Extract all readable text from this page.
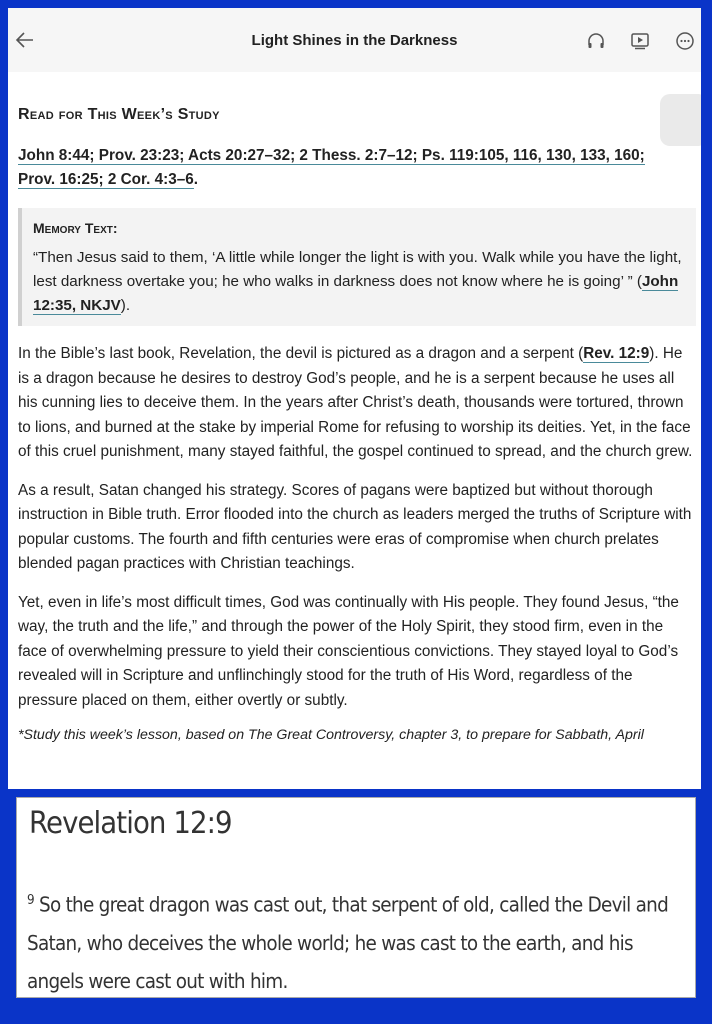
Light Shines in the Darkness
Read for This Week’s Study
John 8:44; Prov. 23:23; Acts 20:27–32; 2 Thess. 2:7–12; Ps. 119:105, 116, 130, 133, 160;
Prov. 16:25; 2 Cor. 4:3–6.
Memory Text:
“Then Jesus said to them, ‘A little while longer the light is with you. Walk while you have the light, lest darkness overtake you; he who walks in darkness does not know where he is going’ ” (John 12:35, NKJV).
In the Bible’s last book, Revelation, the devil is pictured as a dragon and a serpent (Rev. 12:9). He is a dragon because he desires to destroy God’s people, and he is a serpent because he uses all his cunning lies to deceive them. In the years after Christ’s death, thousands were tortured, thrown to lions, and burned at the stake by imperial Rome for refusing to worship its deities. Yet, in the face of this cruel punishment, many stayed faithful, the gospel continued to spread, and the church grew.
As a result, Satan changed his strategy. Scores of pagans were baptized but without thorough instruction in Bible truth. Error flooded into the church as leaders merged the truths of Scripture with popular customs. The fourth and fifth centuries were eras of compromise when church prelates blended pagan practices with Christian teachings.
Yet, even in life’s most difficult times, God was continually with His people. They found Jesus, “the way, the truth and the life,” and through the power of the Holy Spirit, they stood firm, even in the face of overwhelming pressure to yield their conscientious convictions. They stayed loyal to God’s revealed will in Scripture and unflinchingly stood for the truth of His Word, regardless of the pressure placed on them, either overtly or subtly.
*Study this week’s lesson, based on The Great Controversy, chapter 3, to prepare for Sabbath, April
Revelation 12:9
$^9$ So the great dragon was cast out, that serpent of old, called the Devil and Satan, who deceives the whole world; he was cast to the earth, and his angels were cast out with him.
